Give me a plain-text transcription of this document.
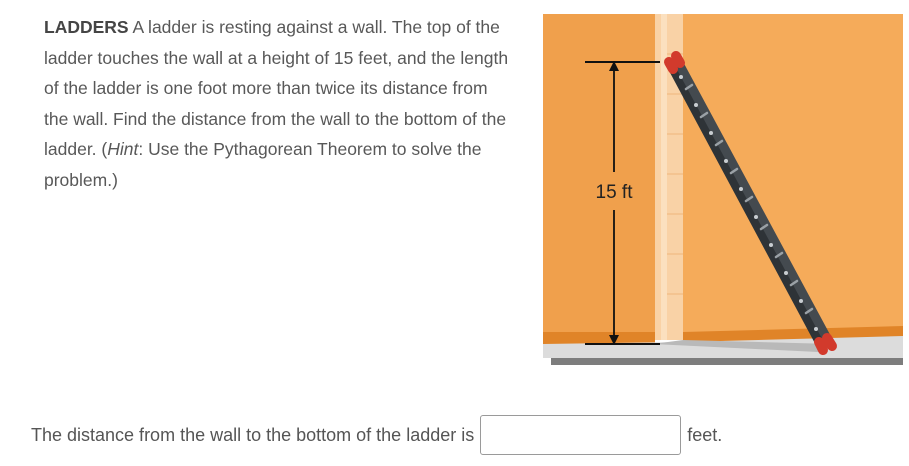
LADDERS A ladder is resting against a wall. The top of the ladder touches the wall at a height of 15 feet, and the length of the ladder is one foot more than twice its distance from the wall. Find the distance from the wall to the bottom of the ladder. (Hint: Use the Pythagorean Theorem to solve the problem.)
15 ft
The distance from the wall to the bottom of the ladder is	feet.
